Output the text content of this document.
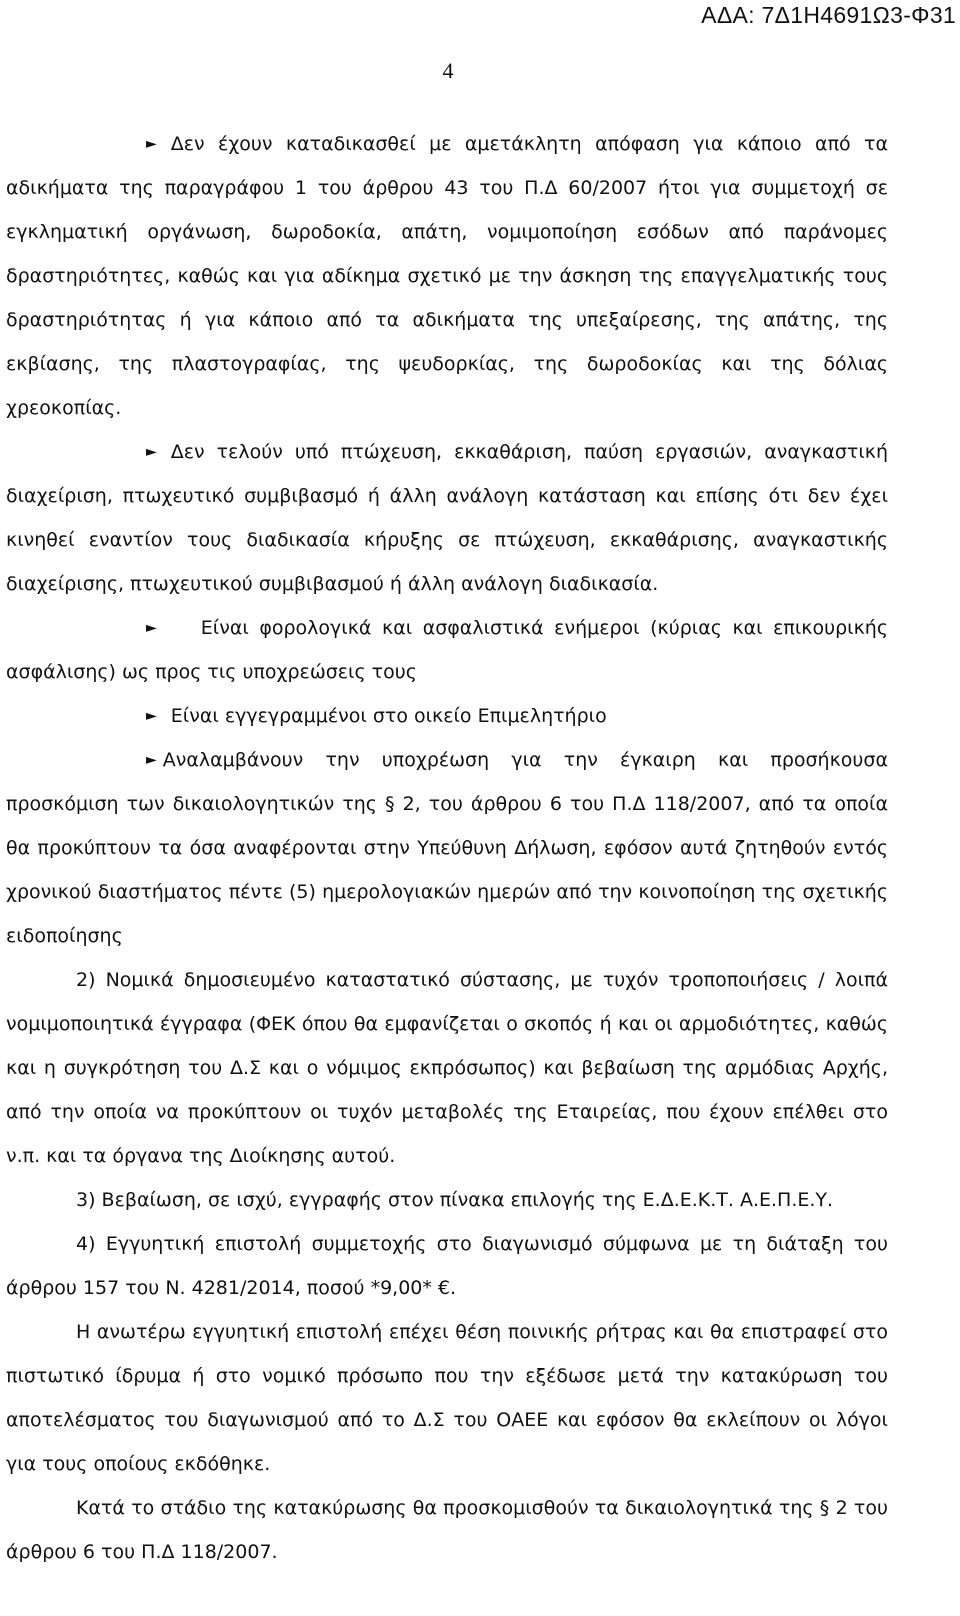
ΑΔΑ: 7Δ1Η4691Ω3-Φ31
4

► Δεν έχουν καταδικασθεί με αμετάκλητη απόφαση για κάποιο από τα αδικήματα της παραγράφου 1 του άρθρου 43 του Π.Δ 60/2007 ήτοι για συμμετοχή σε εγκληματική οργάνωση, δωροδοκία, απάτη, νομιμοποίηση εσόδων από παράνομες δραστηριότητες, καθώς και για αδίκημα σχετικό με την άσκηση της επαγγελματικής τους δραστηριότητας ή για κάποιο από τα αδικήματα της υπεξαίρεσης, της απάτης, της εκβίασης, της πλαστογραφίας, της ψευδορκίας, της δωροδοκίας και της δόλιας χρεοκοπίας.

► Δεν τελούν υπό πτώχευση, εκκαθάριση, παύση εργασιών, αναγκαστική διαχείριση, πτωχευτικό συμβιβασμό ή άλλη ανάλογη κατάσταση και επίσης ότι δεν έχει κινηθεί εναντίον τους διαδικασία κήρυξης σε πτώχευση, εκκαθάρισης, αναγκαστικής διαχείρισης, πτωχευτικού συμβιβασμού ή άλλη ανάλογη διαδικασία.

► Είναι φορολογικά και ασφαλιστικά ενήμεροι (κύριας και επικουρικής ασφάλισης) ως προς τις υποχρεώσεις τους

► Είναι εγγεγραμμένοι στο οικείο Επιμελητήριο

► Αναλαμβάνουν την υποχρέωση για την έγκαιρη και προσήκουσα προσκόμιση των δικαιολογητικών της § 2, του άρθρου 6 του Π.Δ 118/2007, από τα οποία θα προκύπτουν τα όσα αναφέρονται στην Υπεύθυνη Δήλωση, εφόσον αυτά ζητηθούν εντός χρονικού διαστήματος πέντε (5) ημερολογιακών ημερών από την κοινοποίηση της σχετικής ειδοποίησης

2) Νομικά δημοσιευμένο καταστατικό σύστασης, με τυχόν τροποποιήσεις / λοιπά νομιμοποιητικά έγγραφα (ΦΕΚ όπου θα εμφανίζεται ο σκοπός ή και οι αρμοδιότητες, καθώς και η συγκρότηση του Δ.Σ και ο νόμιμος εκπρόσωπος) και βεβαίωση της αρμόδιας Αρχής, από την οποία να προκύπτουν οι τυχόν μεταβολές της Εταιρείας, που έχουν επέλθει στο ν.π. και τα όργανα της Διοίκησης αυτού.

3) Βεβαίωση, σε ισχύ, εγγραφής στον πίνακα επιλογής της Ε.Δ.Ε.Κ.Τ. Α.Ε.Π.Ε.Υ.

4) Εγγυητική επιστολή συμμετοχής στο διαγωνισμό σύμφωνα με τη διάταξη του άρθρου 157 του Ν. 4281/2014, ποσού *9,00* €.

Η ανωτέρω εγγυητική επιστολή επέχει θέση ποινικής ρήτρας και θα επιστραφεί στο πιστωτικό ίδρυμα ή στο νομικό πρόσωπο που την εξέδωσε μετά την κατακύρωση του αποτελέσματος του διαγωνισμού από το Δ.Σ του ΟΑΕΕ και εφόσον θα εκλείπουν οι λόγοι για τους οποίους εκδόθηκε.

Κατά το στάδιο της κατακύρωσης θα προσκομισθούν τα δικαιολογητικά της § 2 του άρθρου 6 του Π.Δ 118/2007.
